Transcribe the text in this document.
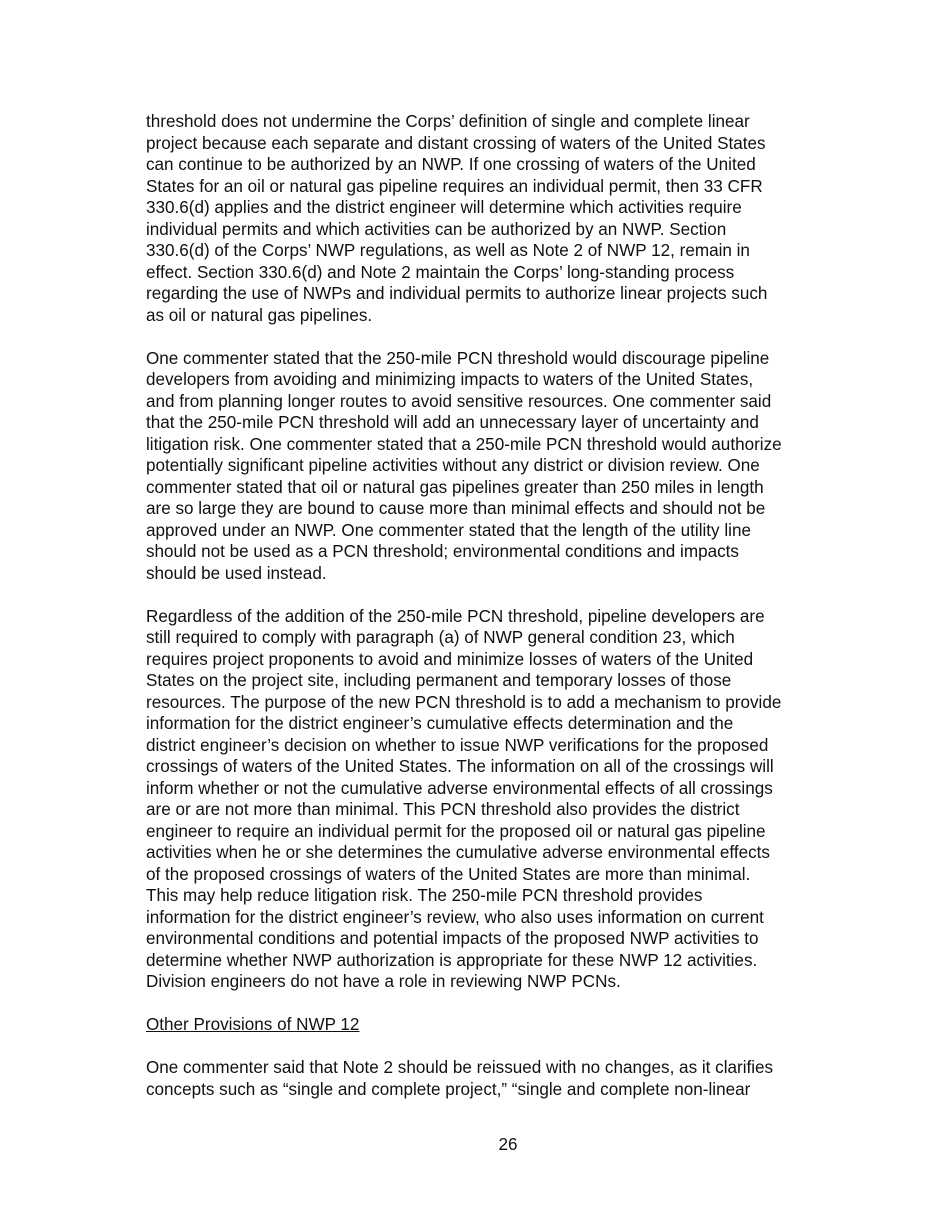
threshold does not undermine the Corps’ definition of single and complete linear
project because each separate and distant crossing of waters of the United States
can continue to be authorized by an NWP. If one crossing of waters of the United
States for an oil or natural gas pipeline requires an individual permit, then 33 CFR
330.6(d) applies and the district engineer will determine which activities require
individual permits and which activities can be authorized by an NWP. Section
330.6(d) of the Corps’ NWP regulations, as well as Note 2 of NWP 12, remain in
effect. Section 330.6(d) and Note 2 maintain the Corps’ long-standing process
regarding the use of NWPs and individual permits to authorize linear projects such
as oil or natural gas pipelines.
One commenter stated that the 250-mile PCN threshold would discourage pipeline
developers from avoiding and minimizing impacts to waters of the United States,
and from planning longer routes to avoid sensitive resources. One commenter said
that the 250-mile PCN threshold will add an unnecessary layer of uncertainty and
litigation risk. One commenter stated that a 250-mile PCN threshold would authorize
potentially significant pipeline activities without any district or division review. One
commenter stated that oil or natural gas pipelines greater than 250 miles in length
are so large they are bound to cause more than minimal effects and should not be
approved under an NWP. One commenter stated that the length of the utility line
should not be used as a PCN threshold; environmental conditions and impacts
should be used instead.
Regardless of the addition of the 250-mile PCN threshold, pipeline developers are
still required to comply with paragraph (a) of NWP general condition 23, which
requires project proponents to avoid and minimize losses of waters of the United
States on the project site, including permanent and temporary losses of those
resources. The purpose of the new PCN threshold is to add a mechanism to provide
information for the district engineer’s cumulative effects determination and the
district engineer’s decision on whether to issue NWP verifications for the proposed
crossings of waters of the United States. The information on all of the crossings will
inform whether or not the cumulative adverse environmental effects of all crossings
are or are not more than minimal. This PCN threshold also provides the district
engineer to require an individual permit for the proposed oil or natural gas pipeline
activities when he or she determines the cumulative adverse environmental effects
of the proposed crossings of waters of the United States are more than minimal.
This may help reduce litigation risk. The 250-mile PCN threshold provides
information for the district engineer’s review, who also uses information on current
environmental conditions and potential impacts of the proposed NWP activities to
determine whether NWP authorization is appropriate for these NWP 12 activities.
Division engineers do not have a role in reviewing NWP PCNs.
Other Provisions of NWP 12
One commenter said that Note 2 should be reissued with no changes, as it clarifies
concepts such as “single and complete project,” “single and complete non-linear
26
